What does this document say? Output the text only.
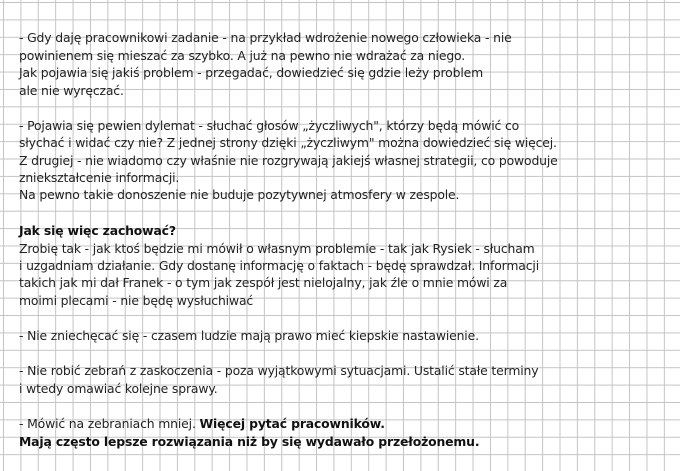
- Gdy daję pracownikowi zadanie - na przykład wdrożenie nowego człowieka - nie
powinienem się mieszać za szybko. A już na pewno nie wdrażać za niego.
Jak pojawia się jakiś problem - przegadać, dowiedzieć się gdzie leży problem
ale nie wyręczać.
- Pojawia się pewien dylemat - słuchać głosów „życzliwych", którzy będą mówić co
słychać i widać czy nie? Z jednej strony dzięki „życzliwym" można dowiedzieć się więcej.
Z drugiej - nie wiadomo czy właśnie nie rozgrywają jakiejś własnej strategii, co powoduje
zniekształcenie informacji.
Na pewno takie donoszenie nie buduje pozytywnej atmosfery w zespole.
Jak się więc zachować?
Zrobię tak - jak ktoś będzie mi mówił o własnym problemie - tak jak Rysiek - słucham
i uzgadniam działanie. Gdy dostanę informację o faktach - będę sprawdzał. Informacji
takich jak mi dał Franek - o tym jak zespół jest nielojalny, jak źle o mnie mówi za
moimi plecami - nie będę wysłuchiwać
- Nie zniechęcać się - czasem ludzie mają prawo mieć kiepskie nastawienie.
- Nie robić zebrań z zaskoczenia - poza wyjątkowymi sytuacjami. Ustalić stałe terminy
i wtedy omawiać kolejne sprawy.
- Mówić na zebraniach mniej. Więcej pytać pracowników.
Mają często lepsze rozwiązania niż by się wydawało przełożonemu.
